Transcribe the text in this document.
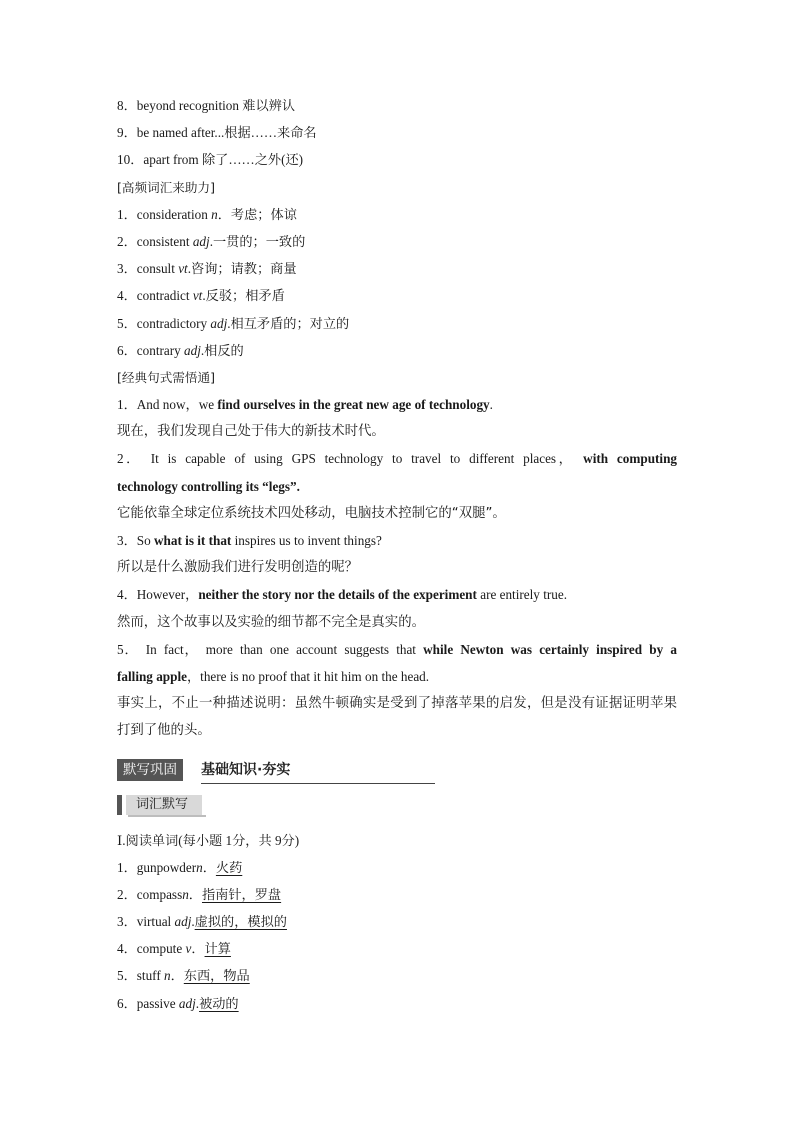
8．beyond recognition 难以辨认
9．be named after...根据……来命名
10．apart from 除了……之外(还)
[高频词汇来助力]
1．consideration n．考虑；体谅
2．consistent adj.一贯的；一致的
3．consult vt.咨询；请教；商量
4．contradict vt.反驳；相矛盾
5．contradictory adj.相互矛盾的；对立的
6．contrary adj.相反的
[经典句式需悟通]
1．And now，we find ourselves in the great new age of technology.
现在，我们发现自己处于伟大的新技术时代。
2． It is capable of using GPS technology to travel to different places， with computing
technology controlling its “legs”.
它能依靠全球定位系统技术四处移动，电脑技术控制它的“双腿”。
3．So what is it that inspires us to invent things?
所以是什么激励我们进行发明创造的呢？
4．However，neither the story nor the details of the experiment are entirely true.
然而，这个故事以及实验的细节都不完全是真实的。
5． In fact， more than one account suggests that while Newton was certainly inspired by a
falling apple，there is no proof that it hit him on the head.
事实上，不止一种描述说明：虽然牛顿确实是受到了掉落苹果的启发，但是没有证据证明苹果打到了他的头。
默写巩固	基础知识·夯实
词汇默写
Ⅰ.阅读单词(每小题 1分，共 9分)
1．gunpowdern．火药
2．compassn．指南针，罗盘
3．virtual adj.虚拟的，模拟的
4．compute v．计算
5．stuff n．东西，物品
6．passive adj.被动的
